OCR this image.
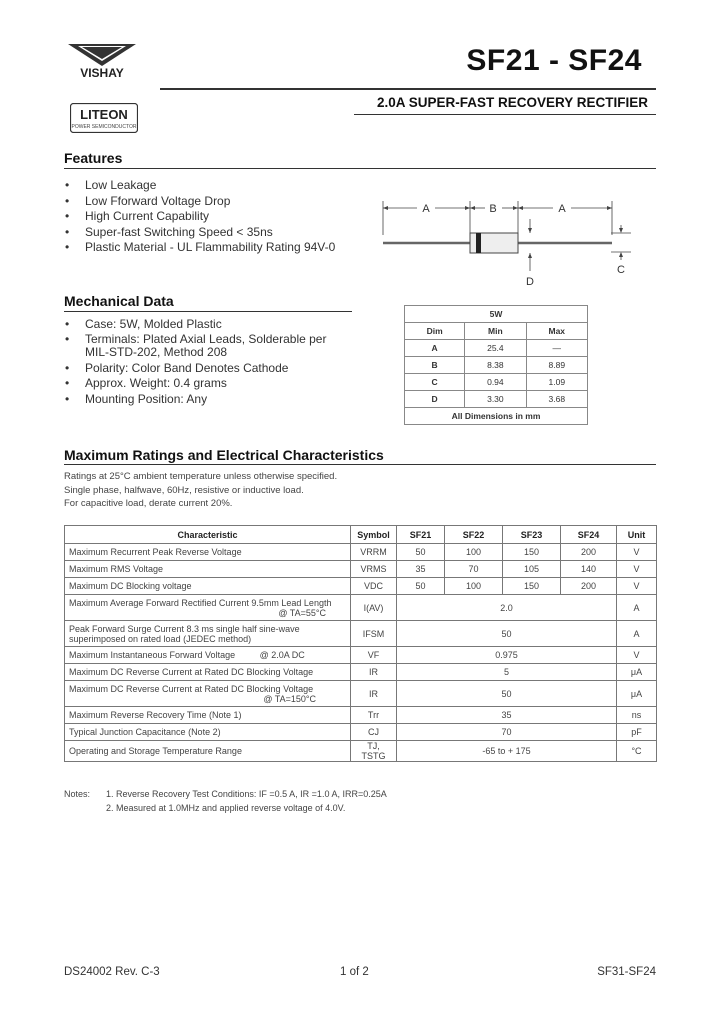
VISHAY
LITEON
POWER SEMICONDUCTOR
SF21 - SF24
2.0A SUPER-FAST RECOVERY RECTIFIER
Features
• Low Leakage
• Low Fforward Voltage Drop
• High Current Capability
• Super-fast Switching Speed < 35ns
• Plastic Material - UL Flammability Rating 94V-0
A	B	A
C
D
Mechanical Data
• Case: 5W, Molded Plastic
• Terminals: Plated Axial Leads, Solderable per MIL-STD-202, Method 208
• Polarity: Color Band Denotes Cathode
• Approx. Weight: 0.4 grams
• Mounting Position: Any
5W		
Dim	Min	Max
A	25.4	—
B	8.38	8.89
C	0.94	1.09
D	3.30	3.68
All Dimensions in mm		
Maximum Ratings and Electrical Characteristics
Ratings at 25°C ambient temperature unless otherwise specified.
Single phase, halfwave, 60Hz, resistive or inductive load.
For capacitive load, derate current 20%.
Characteristic	Symbol	SF21	SF22	SF23	SF24	Unit
Maximum Recurrent Peak Reverse Voltage	VRRM	50	100	150	200	V
Maximum RMS Voltage	VRMS	35	70	105	140	V
Maximum DC Blocking voltage	VDC	50	100	150	200	V
Maximum Average Forward Rectified Current 9.5mm Lead Length
@ TA=55°C	I(AV)	2.0				A
Peak Forward Surge Current 8.3 ms single half sine-wave superimposed on rated load (JEDEC method)	IFSM	50				A
Maximum Instantaneous Forward Voltage @ 2.0A DC	VF	0.975				V
Maximum DC Reverse Current at Rated DC Blocking Voltage	IR	5				μA
Maximum DC Reverse Current at Rated DC Blocking Voltage
@ TA=150°C	IR	50				μA
Maximum Reverse Recovery Time (Note 1)	Trr	35				ns
Typical Junction Capacitance (Note 2)	CJ	70				pF
Operating and Storage Temperature Range	TJ, TSTG	-65 to + 175				°C
Notes: 1. Reverse Recovery Test Conditions: IF =0.5 A, IR =1.0 A, IRR=0.25A
2. Measured at 1.0MHz and applied reverse voltage of 4.0V.
DS24002 Rev. C-3	1 of 2	SF31-SF24
